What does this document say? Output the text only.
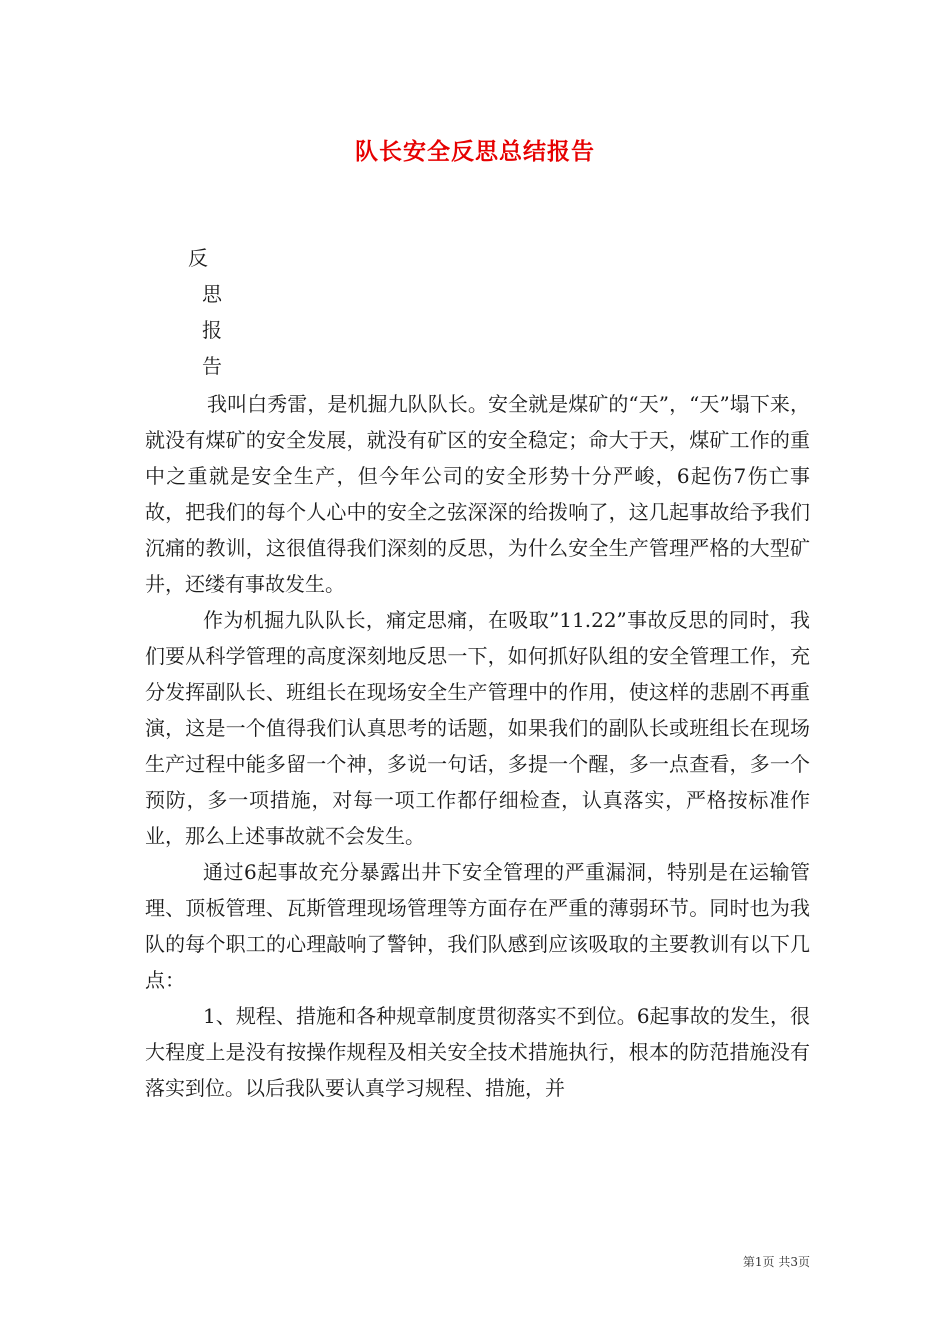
队长安全反思总结报告
反
思
报
告

我叫白秀雷，是机掘九队队长。安全就是煤矿的“天”，“天”塌下来，就没有煤矿的安全发展，就没有矿区的安全稳定；命大于天，煤矿工作的重中之重就是安全生产，但今年公司的安全形势十分严峻，6起伤7伤亡事故，把我们的每个人心中的安全之弦深深的给拨响了，这几起事故给予我们沉痛的教训，这很值得我们深刻的反思，为什么安全生产管理严格的大型矿井，还缕有事故发生。

作为机掘九队队长，痛定思痛，在吸取”11.22”事故反思的同时，我们要从科学管理的高度深刻地反思一下，如何抓好队组的安全管理工作，充分发挥副队长、班组长在现场安全生产管理中的作用，使这样的悲剧不再重演，这是一个值得我们认真思考的话题，如果我们的副队长或班组长在现场生产过程中能多留一个神，多说一句话，多提一个醒，多一点查看，多一个预防，多一项措施，对每一项工作都仔细检查，认真落实，严格按标准作业，那么上述事故就不会发生。

通过6起事故充分暴露出井下安全管理的严重漏洞，特别是在运输管理、顶板管理、瓦斯管理现场管理等方面存在严重的薄弱环节。同时也为我队的每个职工的心理敲响了警钟，我们队感到应该吸取的主要教训有以下几点：

1、规程、措施和各种规章制度贯彻落实不到位。6起事故的发生，很大程度上是没有按操作规程及相关安全技术措施执行，根本的防范措施没有落实到位。以后我队要认真学习规程、措施，并

第1页 共3页
